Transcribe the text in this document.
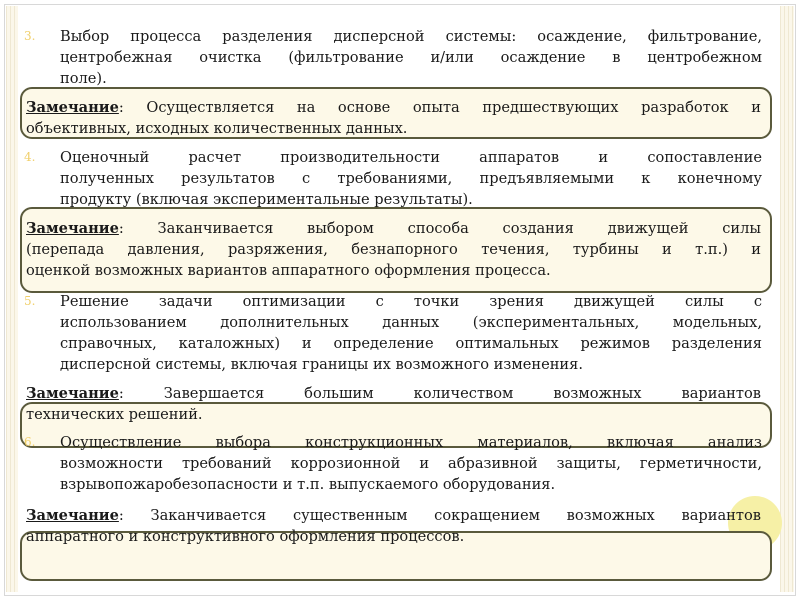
3.	Выбор процесса разделения дисперсной системы: осаждение, фильтрование,
центробежная очистка (фильтрование и/или осаждение в центробежном
поле).
Замечание: Осуществляется на основе опыта предшествующих разработок и
объективных, исходных количественных данных.
4.	Оценочный расчет производительности аппаратов и сопоставление
полученных результатов с требованиями, предъявляемыми к конечному
продукту (включая экспериментальные результаты).
Замечание: Заканчивается выбором способа создания движущей силы
(перепада давления, разряжения, безнапорного течения, турбины и т.п.) и
оценкой возможных вариантов аппаратного оформления процесса.
5.	Решение задачи оптимизации с точки зрения движущей силы с
использованием дополнительных данных (экспериментальных, модельных,
справочных, каталожных) и определение оптимальных режимов разделения
дисперсной системы, включая границы их возможного изменения.
Замечание: Завершается большим количеством возможных вариантов
технических решений.
6.	Осуществление выбора конструкционных материалов, включая анализ
возможности требований коррозионной и абразивной защиты, герметичности,
взрывопожаробезопасности и т.п. выпускаемого оборудования.
Замечание: Заканчивается существенным сокращением возможных вариантов
аппаратного и конструктивного оформления процессов.
